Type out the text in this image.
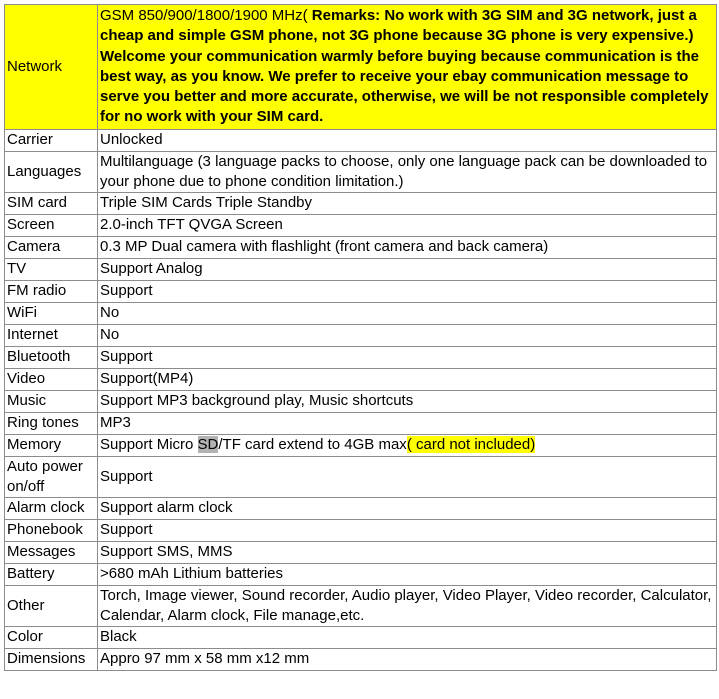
Network	GSM 850/900/1800/1900 MHz( Remarks: No work with 3G SIM and 3G network, just a cheap and simple GSM phone, not 3G phone because 3G phone is very expensive.) Welcome your communication warmly before buying because communication is the best way, as you know. We prefer to receive your ebay communication message to serve you better and more accurate, otherwise, we will be not responsible completely for no work with your SIM card.
Carrier	Unlocked
Languages	Multilanguage (3 language packs to choose, only one language pack can be downloaded to your phone due to phone condition limitation.)
SIM card	Triple SIM Cards Triple Standby
Screen	2.0-inch TFT QVGA Screen
Camera	0.3 MP Dual camera with flashlight (front camera and back camera)
TV	Support Analog
FM radio	Support
WiFi	No
Internet	No
Bluetooth	Support
Video	Support(MP4)
Music	Support MP3 background play, Music shortcuts
Ring tones	MP3
Memory	Support Micro SD/TF card extend to 4GB max( card not included)
Auto power on/off	Support
Alarm clock	Support alarm clock
Phonebook	Support
Messages	Support SMS, MMS
Battery	>680 mAh Lithium batteries
Other	Torch, Image viewer, Sound recorder, Audio player, Video Player, Video recorder, Calculator, Calendar, Alarm clock, File manage,etc.
Color	Black
Dimensions	Appro 97 mm x 58 mm x12 mm
